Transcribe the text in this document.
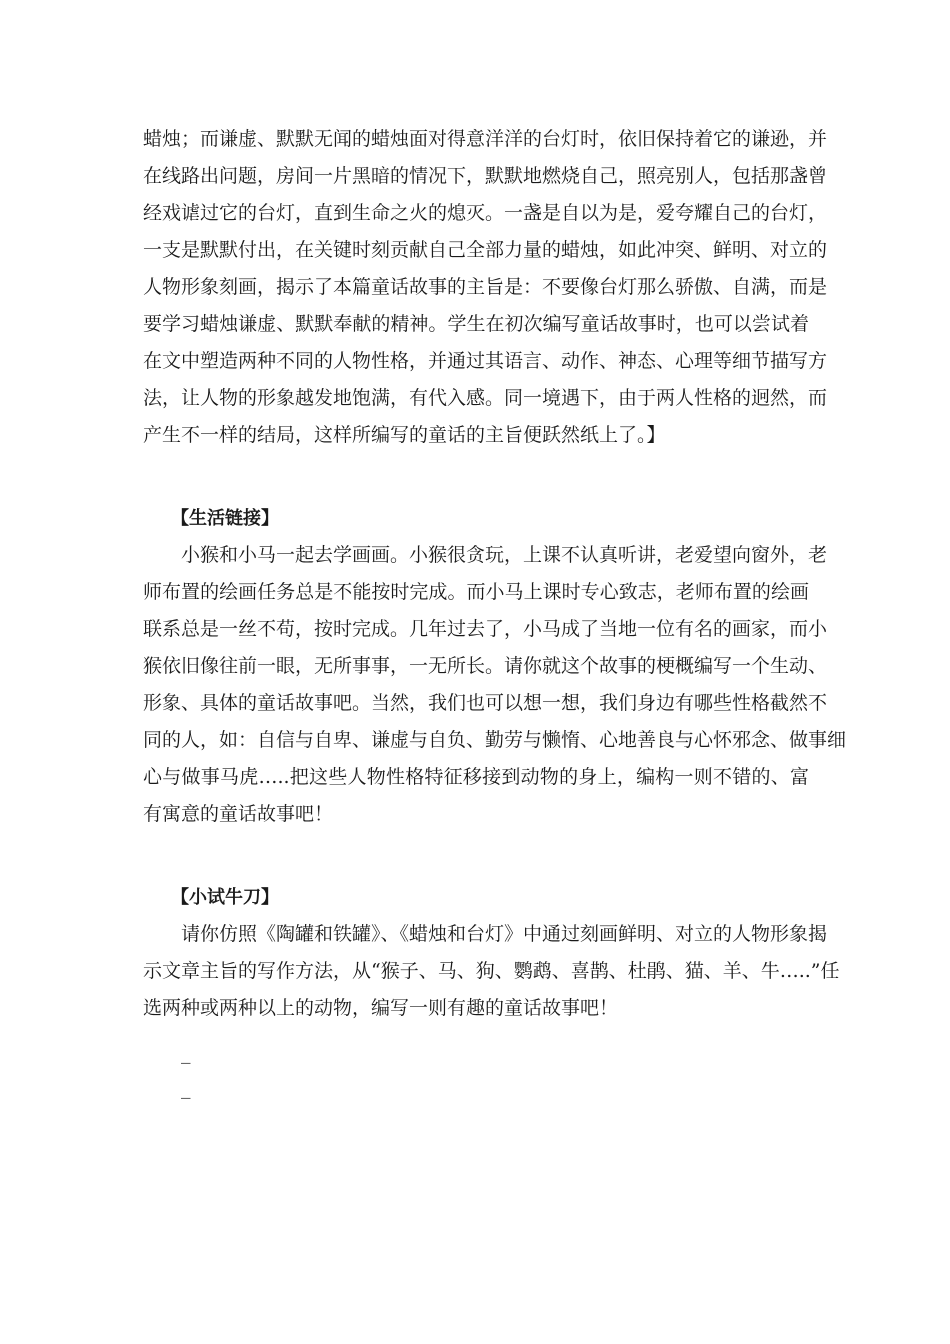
蜡烛；而谦虚、默默无闻的蜡烛面对得意洋洋的台灯时，依旧保持着它的谦逊，并
在线路出问题，房间一片黑暗的情况下，默默地燃烧自己，照亮别人，包括那盏曾
经戏谑过它的台灯，直到生命之火的熄灭。一盏是自以为是，爱夸耀自己的台灯，
一支是默默付出，在关键时刻贡献自己全部力量的蜡烛，如此冲突、鲜明、对立的
人物形象刻画，揭示了本篇童话故事的主旨是：不要像台灯那么骄傲、自满，而是
要学习蜡烛谦虚、默默奉献的精神。学生在初次编写童话故事时，也可以尝试着
在文中塑造两种不同的人物性格，并通过其语言、动作、神态、心理等细节描写方
法，让人物的形象越发地饱满，有代入感。同一境遇下，由于两人性格的迥然，而
产生不一样的结局，这样所编写的童话的主旨便跃然纸上了。】
【生活链接】
小猴和小马一起去学画画。小猴很贪玩，上课不认真听讲，老爱望向窗外，老
师布置的绘画任务总是不能按时完成。而小马上课时专心致志，老师布置的绘画
联系总是一丝不苟，按时完成。几年过去了，小马成了当地一位有名的画家，而小
猴依旧像往前一眼，无所事事，一无所长。请你就这个故事的梗概编写一个生动、
形象、具体的童话故事吧。当然，我们也可以想一想，我们身边有哪些性格截然不
同的人，如：自信与自卑、谦虚与自负、勤劳与懒惰、心地善良与心怀邪念、做事细
心与做事马虎…..把这些人物性格特征移接到动物的身上，编构一则不错的、富
有寓意的童话故事吧！
【小试牛刀】
请你仿照《陶罐和铁罐》、《蜡烛和台灯》中通过刻画鲜明、对立的人物形象揭
示文章主旨的写作方法，从“猴子、马、狗、鹦鹉、喜鹊、杜鹃、猫、羊、牛…..”任
选两种或两种以上的动物，编写一则有趣的童话故事吧！
_
_
